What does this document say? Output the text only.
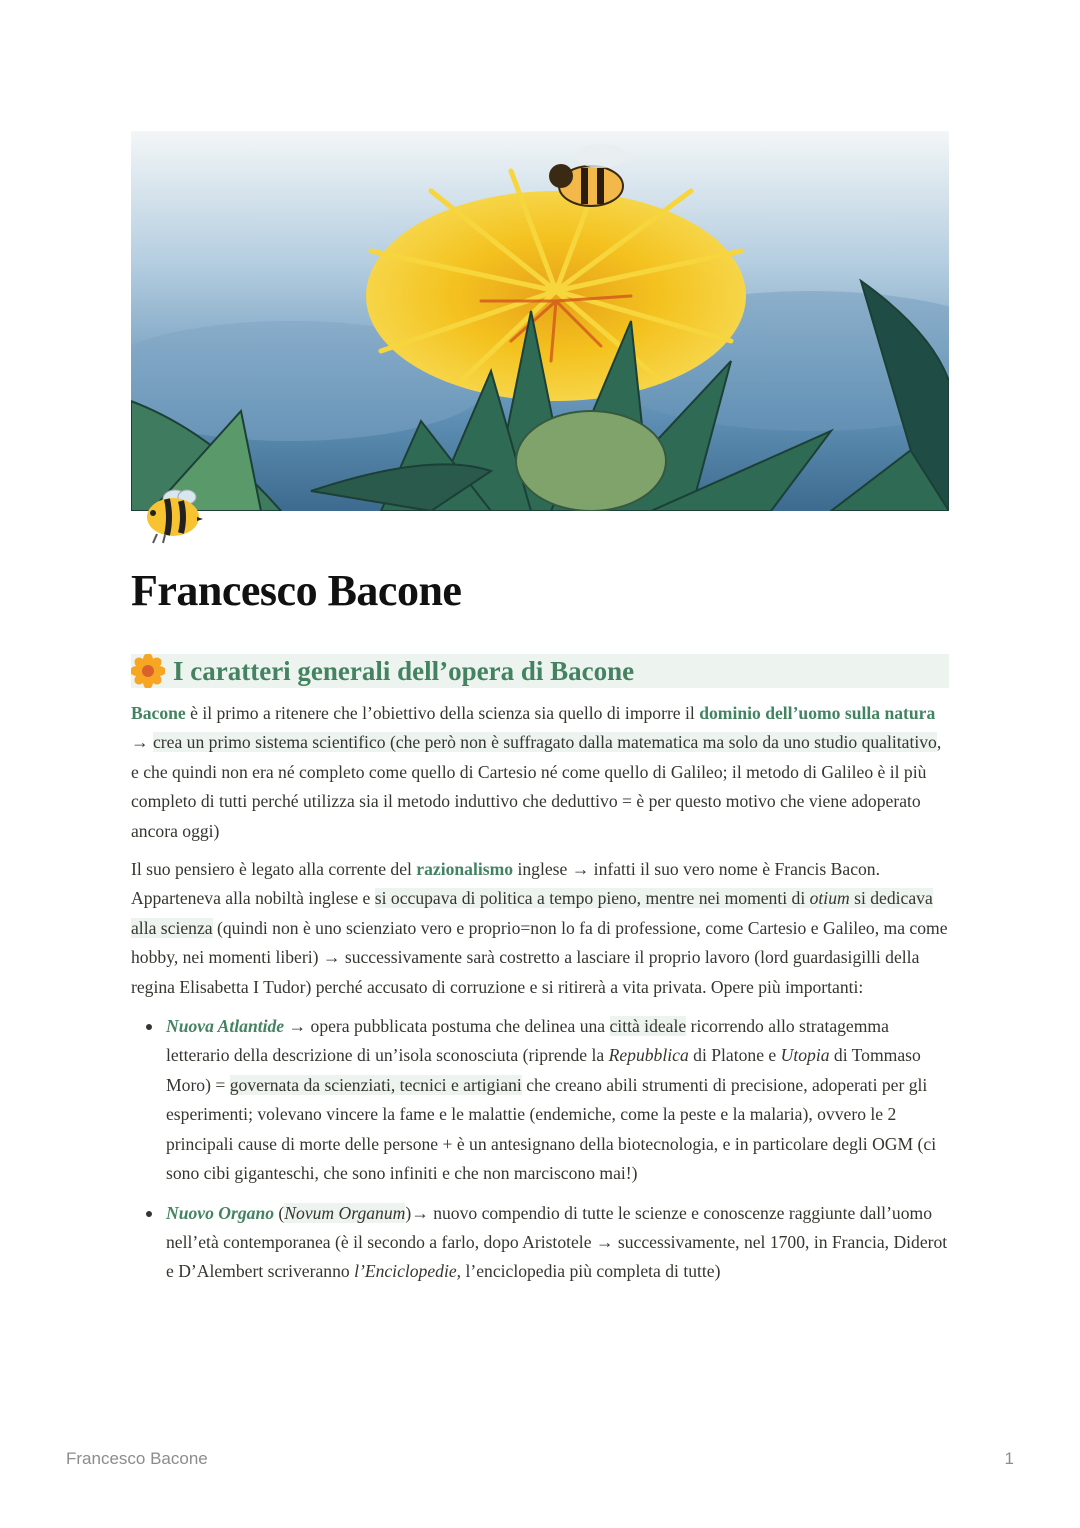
Francesco Bacone
I caratteri generali dell’opera di Bacone

Bacone è il primo a ritenere che l’obiettivo della scienza sia quello di imporre il dominio dell’uomo sulla natura → crea un primo sistema scientifico (che però non è suffragato dalla matematica ma solo da uno studio qualitativo, e che quindi non era né completo come quello di Cartesio né come quello di Galileo; il metodo di Galileo è il più completo di tutti perché utilizza sia il metodo induttivo che deduttivo = è per questo motivo che viene adoperato ancora oggi)

Il suo pensiero è legato alla corrente del razionalismo inglese → infatti il suo vero nome è Francis Bacon. Apparteneva alla nobiltà inglese e si occupava di politica a tempo pieno, mentre nei momenti di otium si dedicava alla scienza (quindi non è uno scienziato vero e proprio=non lo fa di professione, come Cartesio e Galileo, ma come hobby, nei momenti liberi) → successivamente sarà costretto a lasciare il proprio lavoro (lord guardasigilli della regina Elisabetta I Tudor) perché accusato di corruzione e si ritirerà a vita privata. Opere più importanti:

Nuova Atlantide → opera pubblicata postuma che delinea una città ideale ricorrendo allo stratagemma letterario della descrizione di un’isola sconosciuta (riprende la Repubblica di Platone e Utopia di Tommaso Moro) = governata da scienziati, tecnici e artigiani che creano abili strumenti di precisione, adoperati per gli esperimenti; volevano vincere la fame e le malattie (endemiche, come la peste e la malaria), ovvero le 2 principali cause di morte delle persone + è un antesignano della biotecnologia, e in particolare degli OGM (ci sono cibi giganteschi, che sono infiniti e che non marciscono mai!)
Nuovo Organo (Novum Organum)→ nuovo compendio di tutte le scienze e conoscenze raggiunte dall’uomo nell’età contemporanea (è il secondo a farlo, dopo Aristotele → successivamente, nel 1700, in Francia, Diderot e D’Alembert scriveranno l’Enciclopedie, l’enciclopedia più completa di tutte)
Francesco Bacone	1
